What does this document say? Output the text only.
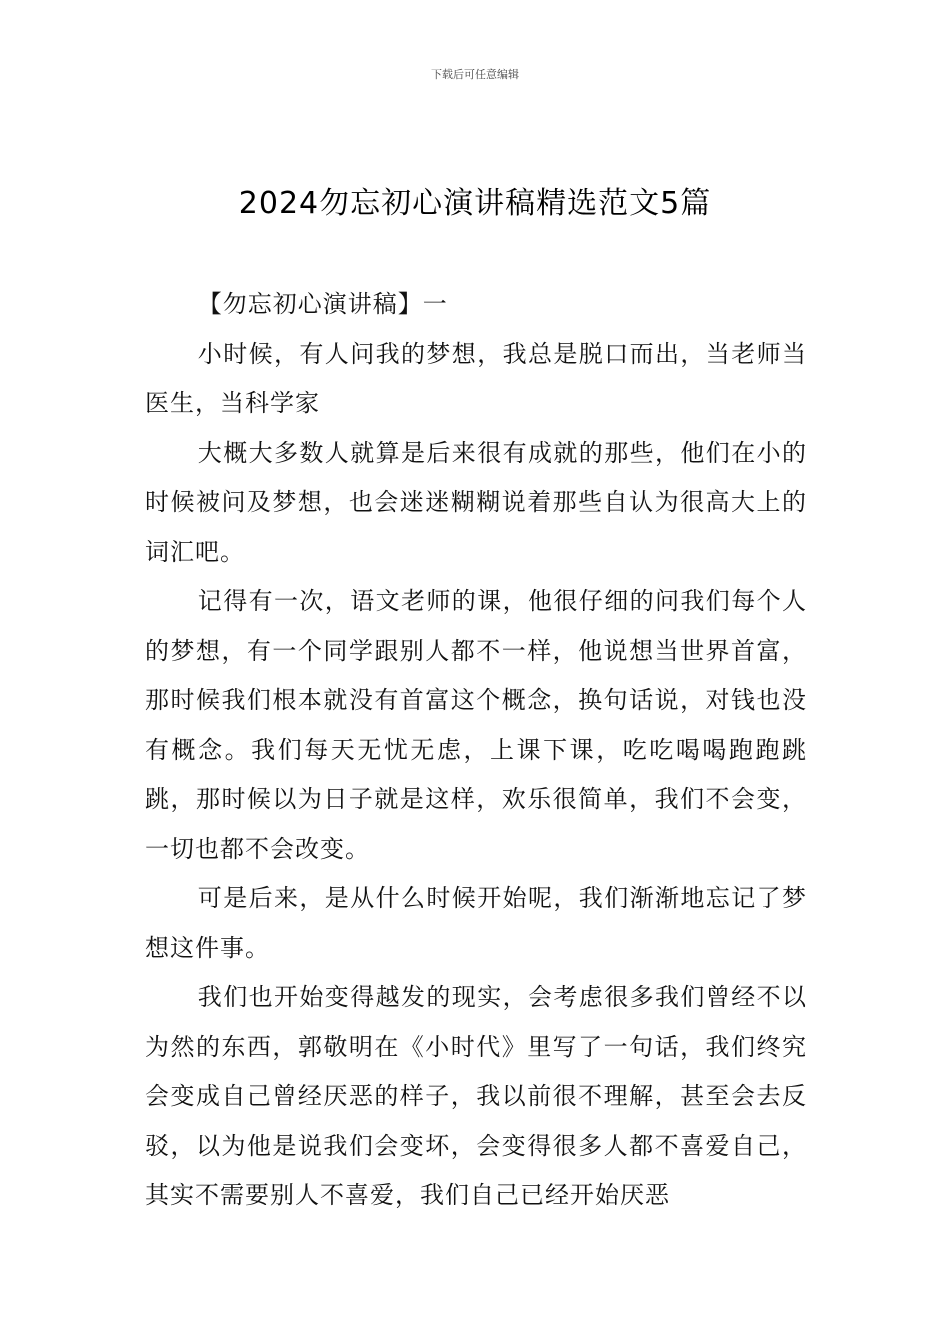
下载后可任意编辑
2024勿忘初心演讲稿精选范文5篇

【勿忘初心演讲稿】一

小时候，有人问我的梦想，我总是脱口而出，当老师当医生，当科学家

大概大多数人就算是后来很有成就的那些，他们在小的时候被问及梦想，也会迷迷糊糊说着那些自认为很高大上的词汇吧。

记得有一次，语文老师的课，他很仔细的问我们每个人的梦想，有一个同学跟别人都不一样，他说想当世界首富，那时候我们根本就没有首富这个概念，换句话说，对钱也没有概念。我们每天无忧无虑，上课下课，吃吃喝喝跑跑跳跳，那时候以为日子就是这样，欢乐很简单，我们不会变，一切也都不会改变。

可是后来，是从什么时候开始呢，我们渐渐地忘记了梦想这件事。

我们也开始变得越发的现实，会考虑很多我们曾经不以为然的东西，郭敬明在《小时代》里写了一句话，我们终究会变成自己曾经厌恶的样子，我以前很不理解，甚至会去反驳，以为他是说我们会变坏，会变得很多人都不喜爱自己，其实不需要别人不喜爱，我们自己已经开始厌恶
